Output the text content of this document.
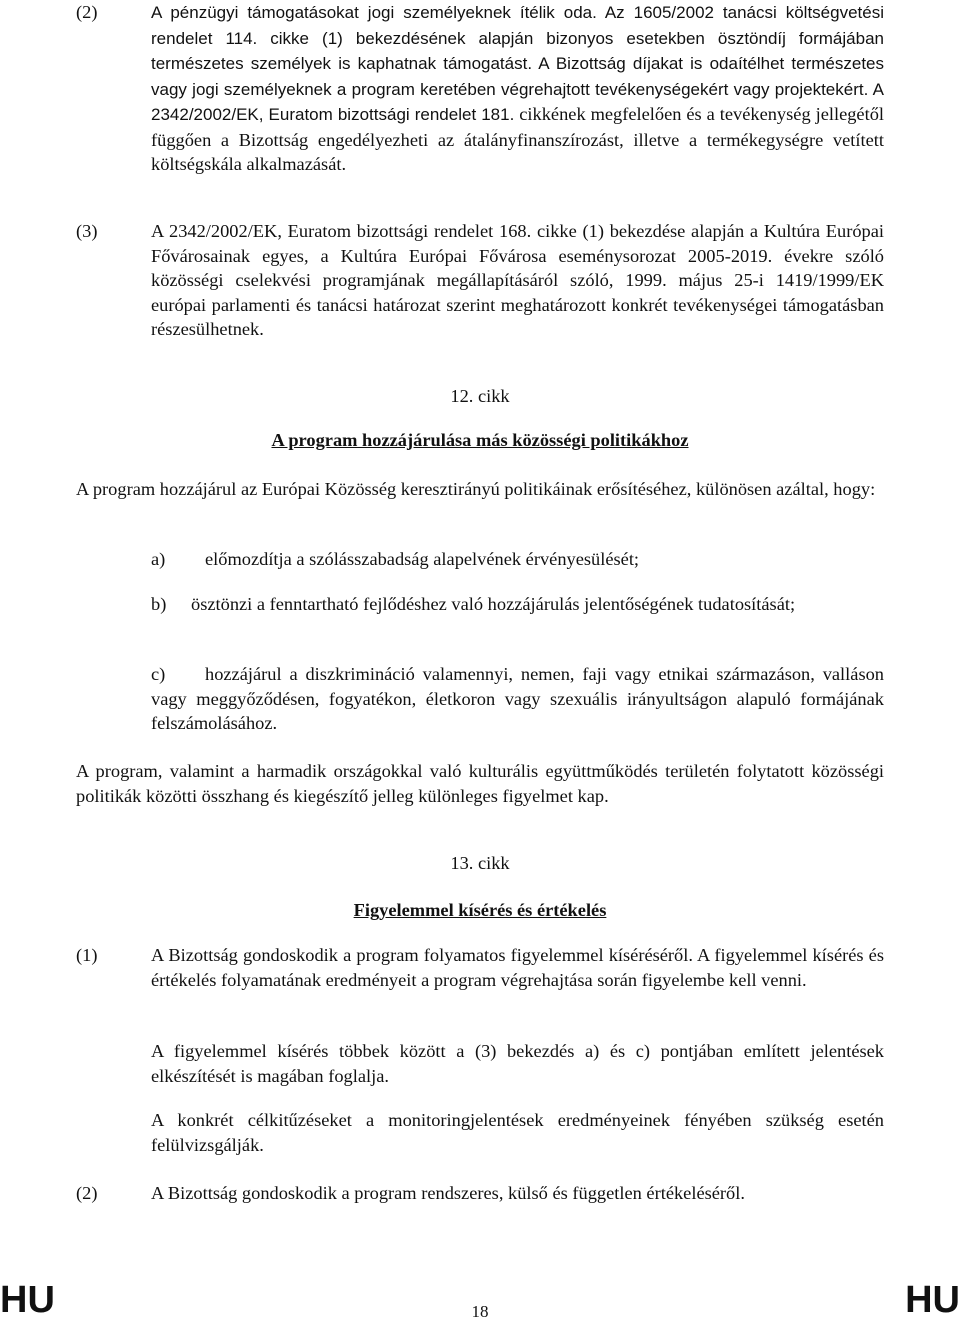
(2)	A pénzügyi támogatásokat jogi személyeknek ítélik oda. Az 1605/2002 tanácsi költségvetési rendelet 114. cikke (1) bekezdésének alapján bizonyos esetekben ösztöndíj formájában természetes személyek is kaphatnak támogatást. A Bizottság díjakat is odaítélhet természetes vagy jogi személyeknek a program keretében végrehajtott tevékenységekért vagy projektekért. A 2342/2002/EK, Euratom bizottsági rendelet 181. cikkének megfelelően és a tevékenység jellegétől függően a Bizottság engedélyezheti az átalányfinanszírozást, illetve a termékegységre vetített költségskála alkalmazását.
(3)	A 2342/2002/EK, Euratom bizottsági rendelet 168. cikke (1) bekezdése alapján a Kultúra Európai Fővárosainak egyes, a Kultúra Európai Fővárosa eseménysorozat 2005-2019. évekre szóló közösségi cselekvési programjának megállapításáról szóló, 1999. május 25-i 1419/1999/EK európai parlamenti és tanácsi határozat szerint meghatározott konkrét tevékenységei támogatásban részesülhetnek.
12. cikk
A program hozzájárulása más közösségi politikákhoz
A program hozzájárul az Európai Közösség keresztirányú politikáinak erősítéséhez, különösen azáltal, hogy:
a) előmozdítja a szólásszabadság alapelvének érvényesülését;
b) ösztönzi a fenntartható fejlődéshez való hozzájárulás jelentőségének tudatosítását;
c) hozzájárul a diszkrimináció valamennyi, nemen, faji vagy etnikai származáson, valláson vagy meggyőződésen, fogyatékon, életkoron vagy szexuális irányultságon alapuló formájának felszámolásához.
A program, valamint a harmadik országokkal való kulturális együttműködés területén folytatott közösségi politikák közötti összhang és kiegészítő jelleg különleges figyelmet kap.
13. cikk
Figyelemmel kísérés és értékelés
(1)	A Bizottság gondoskodik a program folyamatos figyelemmel kíséréséről. A figyelemmel kísérés és értékelés folyamatának eredményeit a program végrehajtása során figyelembe kell venni.
A figyelemmel kísérés többek között a (3) bekezdés a) és c) pontjában említett jelentések elkészítését is magában foglalja.
A konkrét célkitűzéseket a monitoringjelentések eredményeinek fényében szükség esetén felülvizsgálják.
(2)	A Bizottság gondoskodik a program rendszeres, külső és független értékeléséről.
HU	18	HU
